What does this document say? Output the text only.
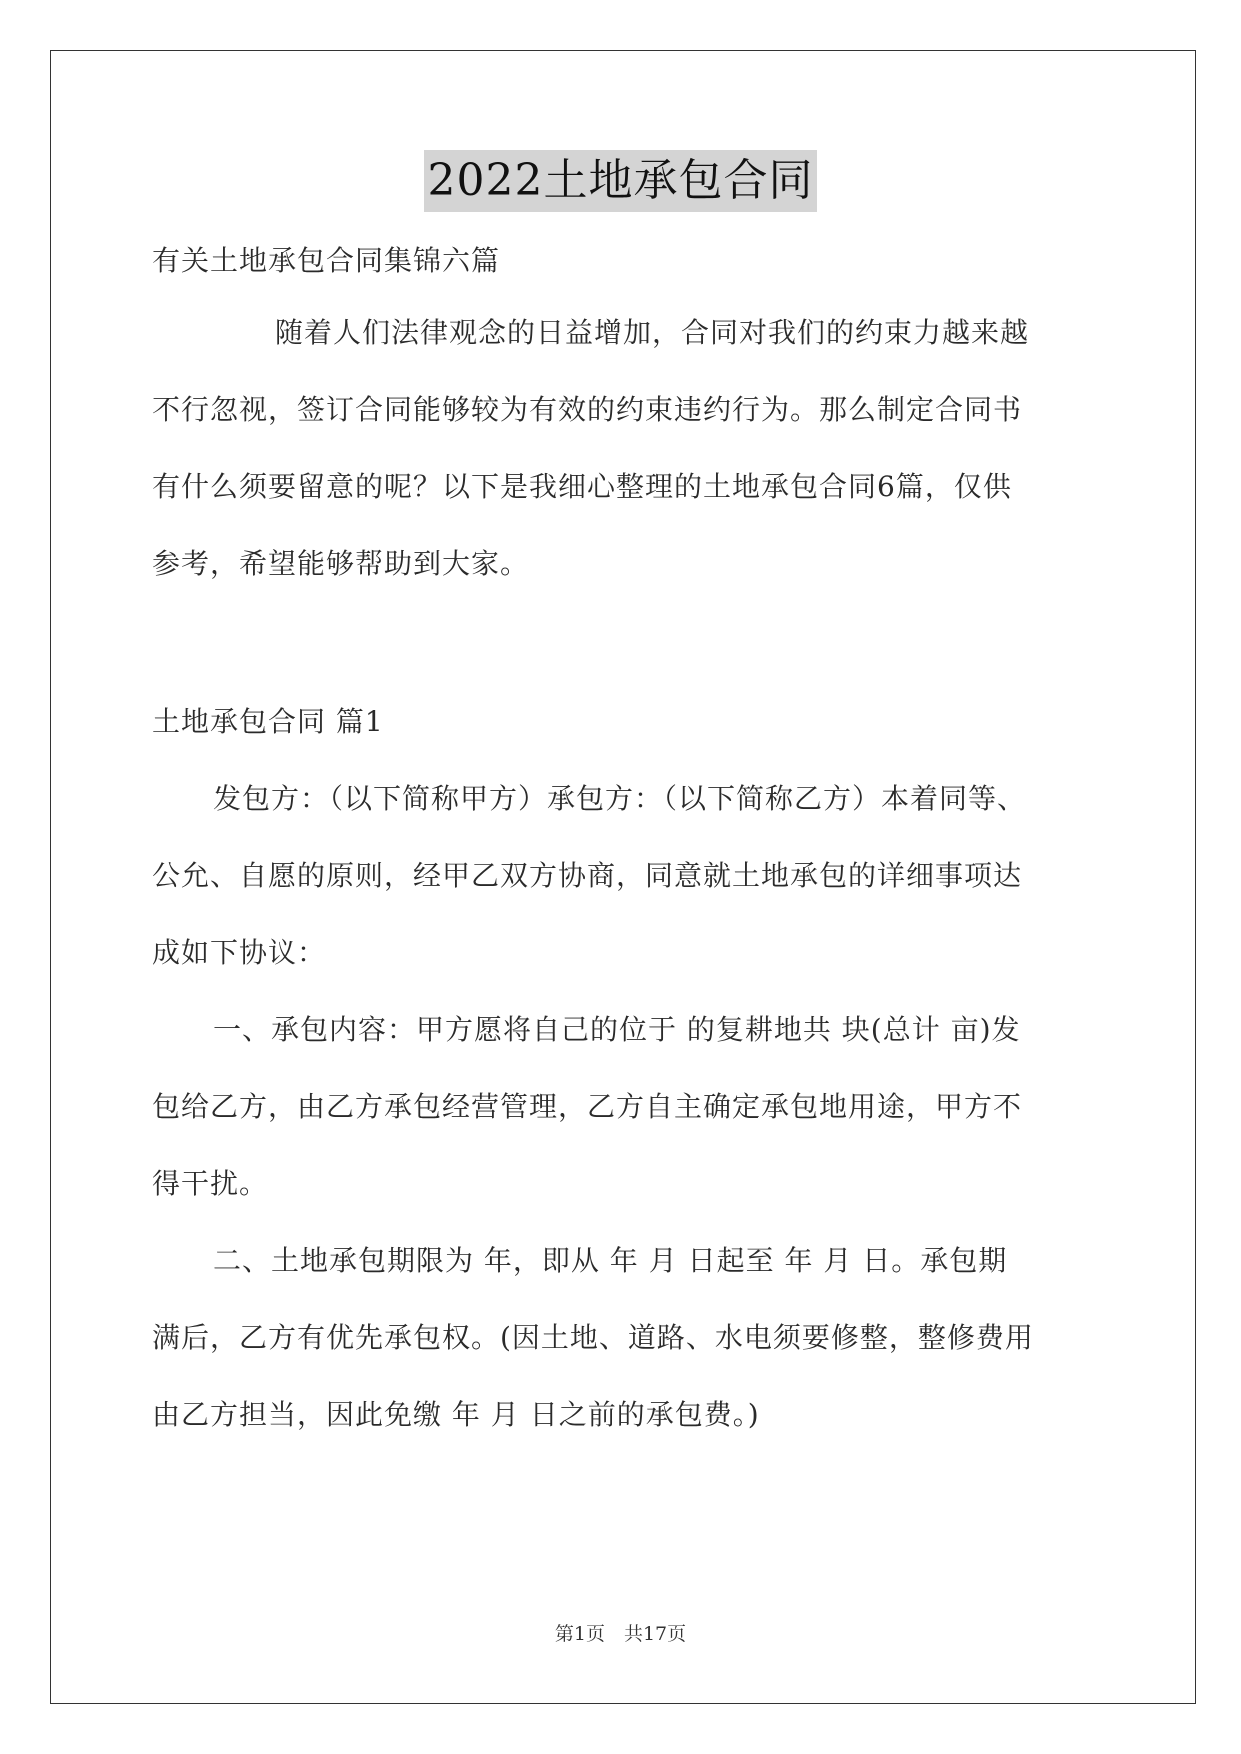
2022土地承包合同
有关土地承包合同集锦六篇
随着人们法律观念的日益增加，合同对我们的约束力越来越
不行忽视，签订合同能够较为有效的约束违约行为。那么制定合同书
有什么须要留意的呢？以下是我细心整理的土地承包合同6篇，仅供
参考，希望能够帮助到大家。
土地承包合同 篇1
发包方：（以下简称甲方）承包方：（以下简称乙方）本着同等、
公允、自愿的原则，经甲乙双方协商，同意就土地承包的详细事项达
成如下协议：
一、承包内容：甲方愿将自己的位于 的复耕地共 块(总计 亩)发
包给乙方，由乙方承包经营管理，乙方自主确定承包地用途，甲方不
得干扰。
二、土地承包期限为 年，即从 年 月 日起至 年 月 日。承包期
满后，乙方有优先承包权。(因土地、道路、水电须要修整，整修费用
由乙方担当，因此免缴 年 月 日之前的承包费。)
第1页　共17页
